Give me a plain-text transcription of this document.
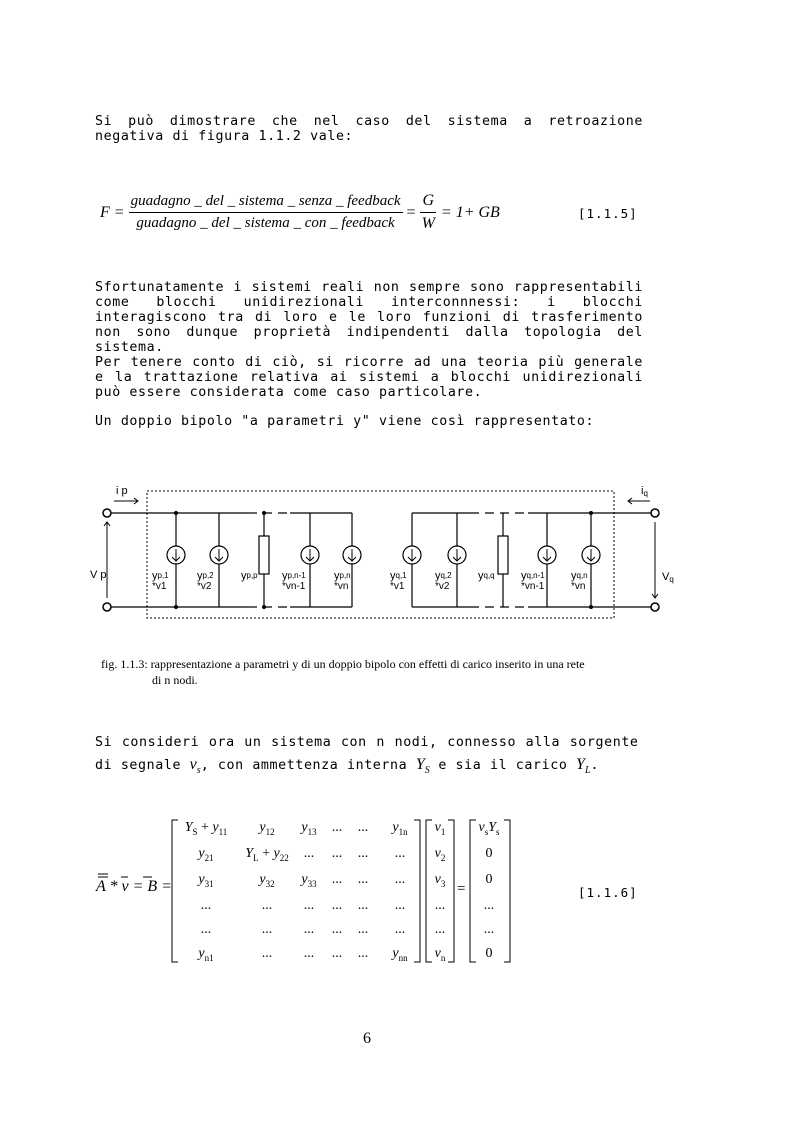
Si può dimostrare che nel caso del sistema a retroazione negativa di figura 1.1.2 vale:
$F = \frac{\text{guadagno \_ del \_ sistema \_ senza \_ feedback}}{\text{guadagno \_ del \_ sistema \_ con \_ feedback}} = \frac{G}{W} = 1+$ GB	[1.1.5]
Sfortunatamente i sistemi reali non sempre sono rappresentabili come blocchi unidirezionali interconnnessi: i blocchi interagiscono tra di loro e le loro funzioni di trasferimento non sono dunque proprietà indipendenti dalla topologia del sistema.
Per tenere conto di ciò, si ricorre ad una teoria più generale e la trattazione relativa ai sistemi a blocchi unidirezionali può essere considerata come caso particolare.
Un doppio bipolo "a parametri y" viene così rappresentato:
i p	iq
V p	Vq
yp,1
*v1
yp,2
*v2
yp,p yp,n-1
*vn-1
yp,n
*vn
yq,1
*v1
yq,2
*v2
yq,q yq,n-1
*vn-1
yq,n
*vn
fig. 1.1.3: rappresentazione a parametri y di un doppio bipolo con effetti di carico inserito in una rete
di n nodi.
Si consideri ora un sistema con n nodi, connesso alla sorgente
di segnale $v_s$, con ammettenza interna $Y_S$ e sia il carico $Y_L$.
A * v = B =
$Y_S + y_{11}$	$y_{12}$	$y_{13}$	...	...	$y_{1n}$
$y_{21}$	$Y_L + y_{22}$	...	...	...	...
$y_{31}$	$y_{32}$	$y_{33}$	...	...	...
...	...	...	...	...	...
...	...	...	...	...	...
$y_{n1}$	...	...	...	...	$y_{nn}$
$v_1$
$v_2$
$v_3$
...
...
$v_n$
$v_sY_s$
0
0
...
...
0
=	[1.1.6]
6
